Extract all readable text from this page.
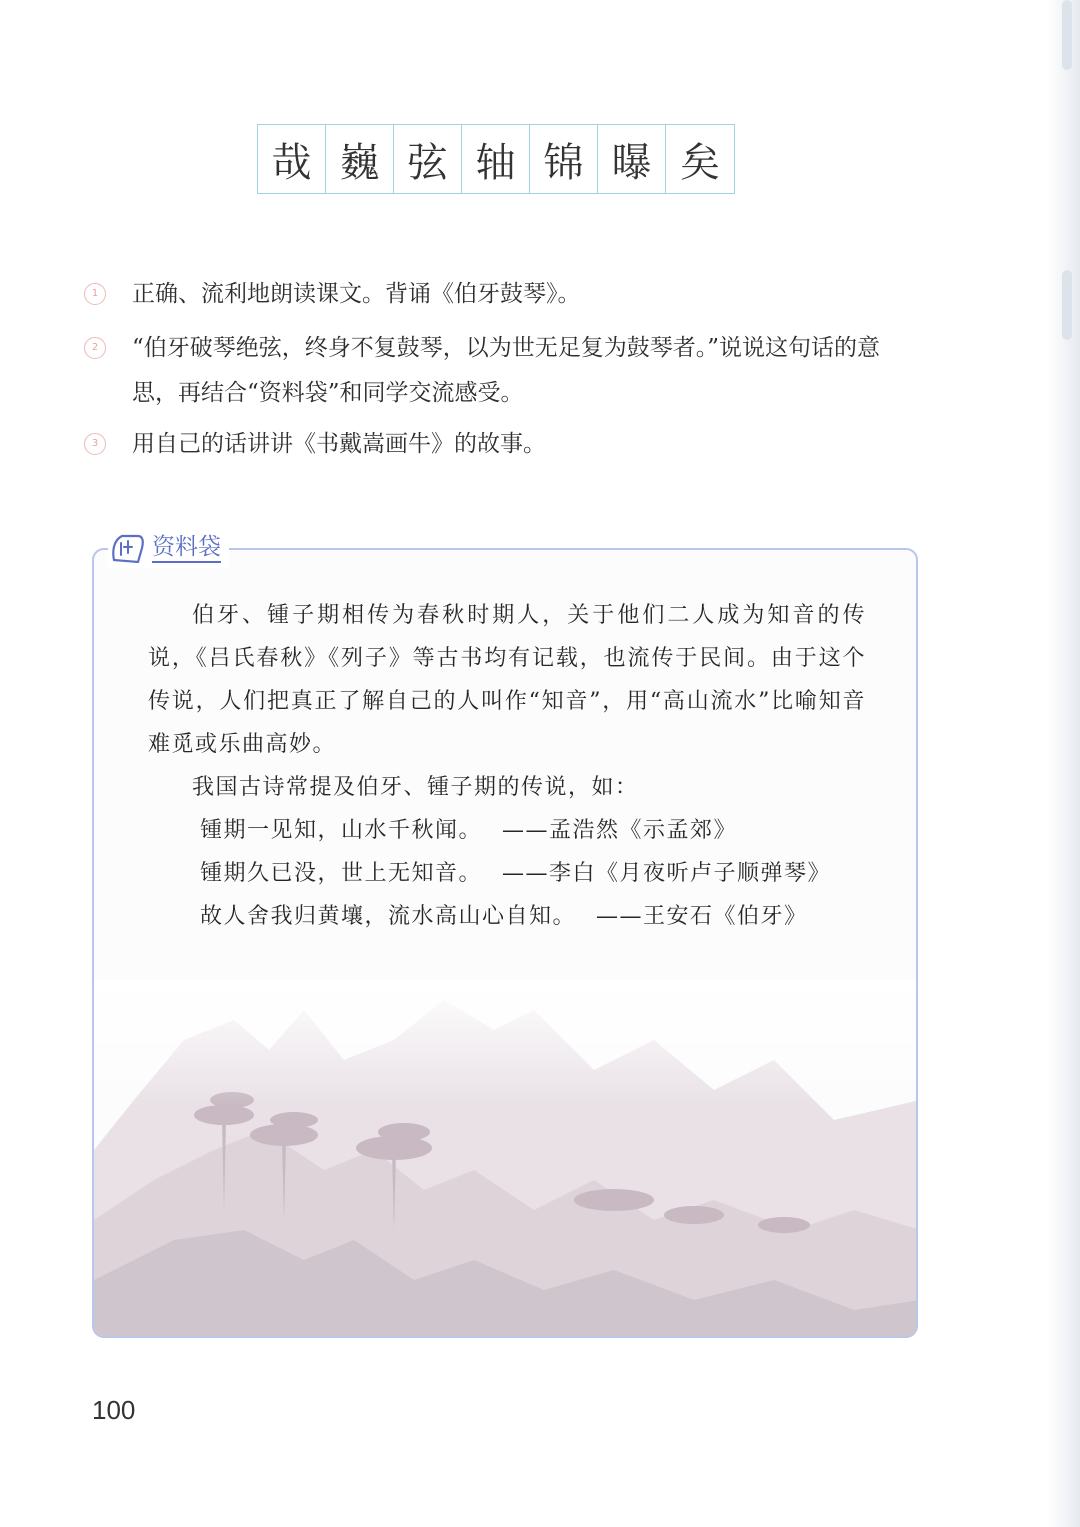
哉 巍 弦 轴 锦 曝 矣
1 正确、流利地朗读课文。背诵《伯牙鼓琴》。
2 “伯牙破琴绝弦，终身不复鼓琴，以为世无足复为鼓琴者。”说说这句话的意思，再结合“资料袋”和同学交流感受。
3 用自己的话讲讲《书戴嵩画牛》的故事。
资料袋

伯牙、锺子期相传为春秋时期人，关于他们二人成为知音的传说，《吕氏春秋》《列子》等古书均有记载，也流传于民间。由于这个传说，人们把真正了解自己的人叫作“知音”，用“高山流水”比喻知音难觅或乐曲高妙。

我国古诗常提及伯牙、锺子期的传说，如：

锺期一见知，山水千秋闻。 ——孟浩然《示孟郊》

锺期久已没，世上无知音。 ——李白《月夜听卢子顺弹琴》

故人舍我归黄壤，流水高山心自知。 ——王安石《伯牙》

100
